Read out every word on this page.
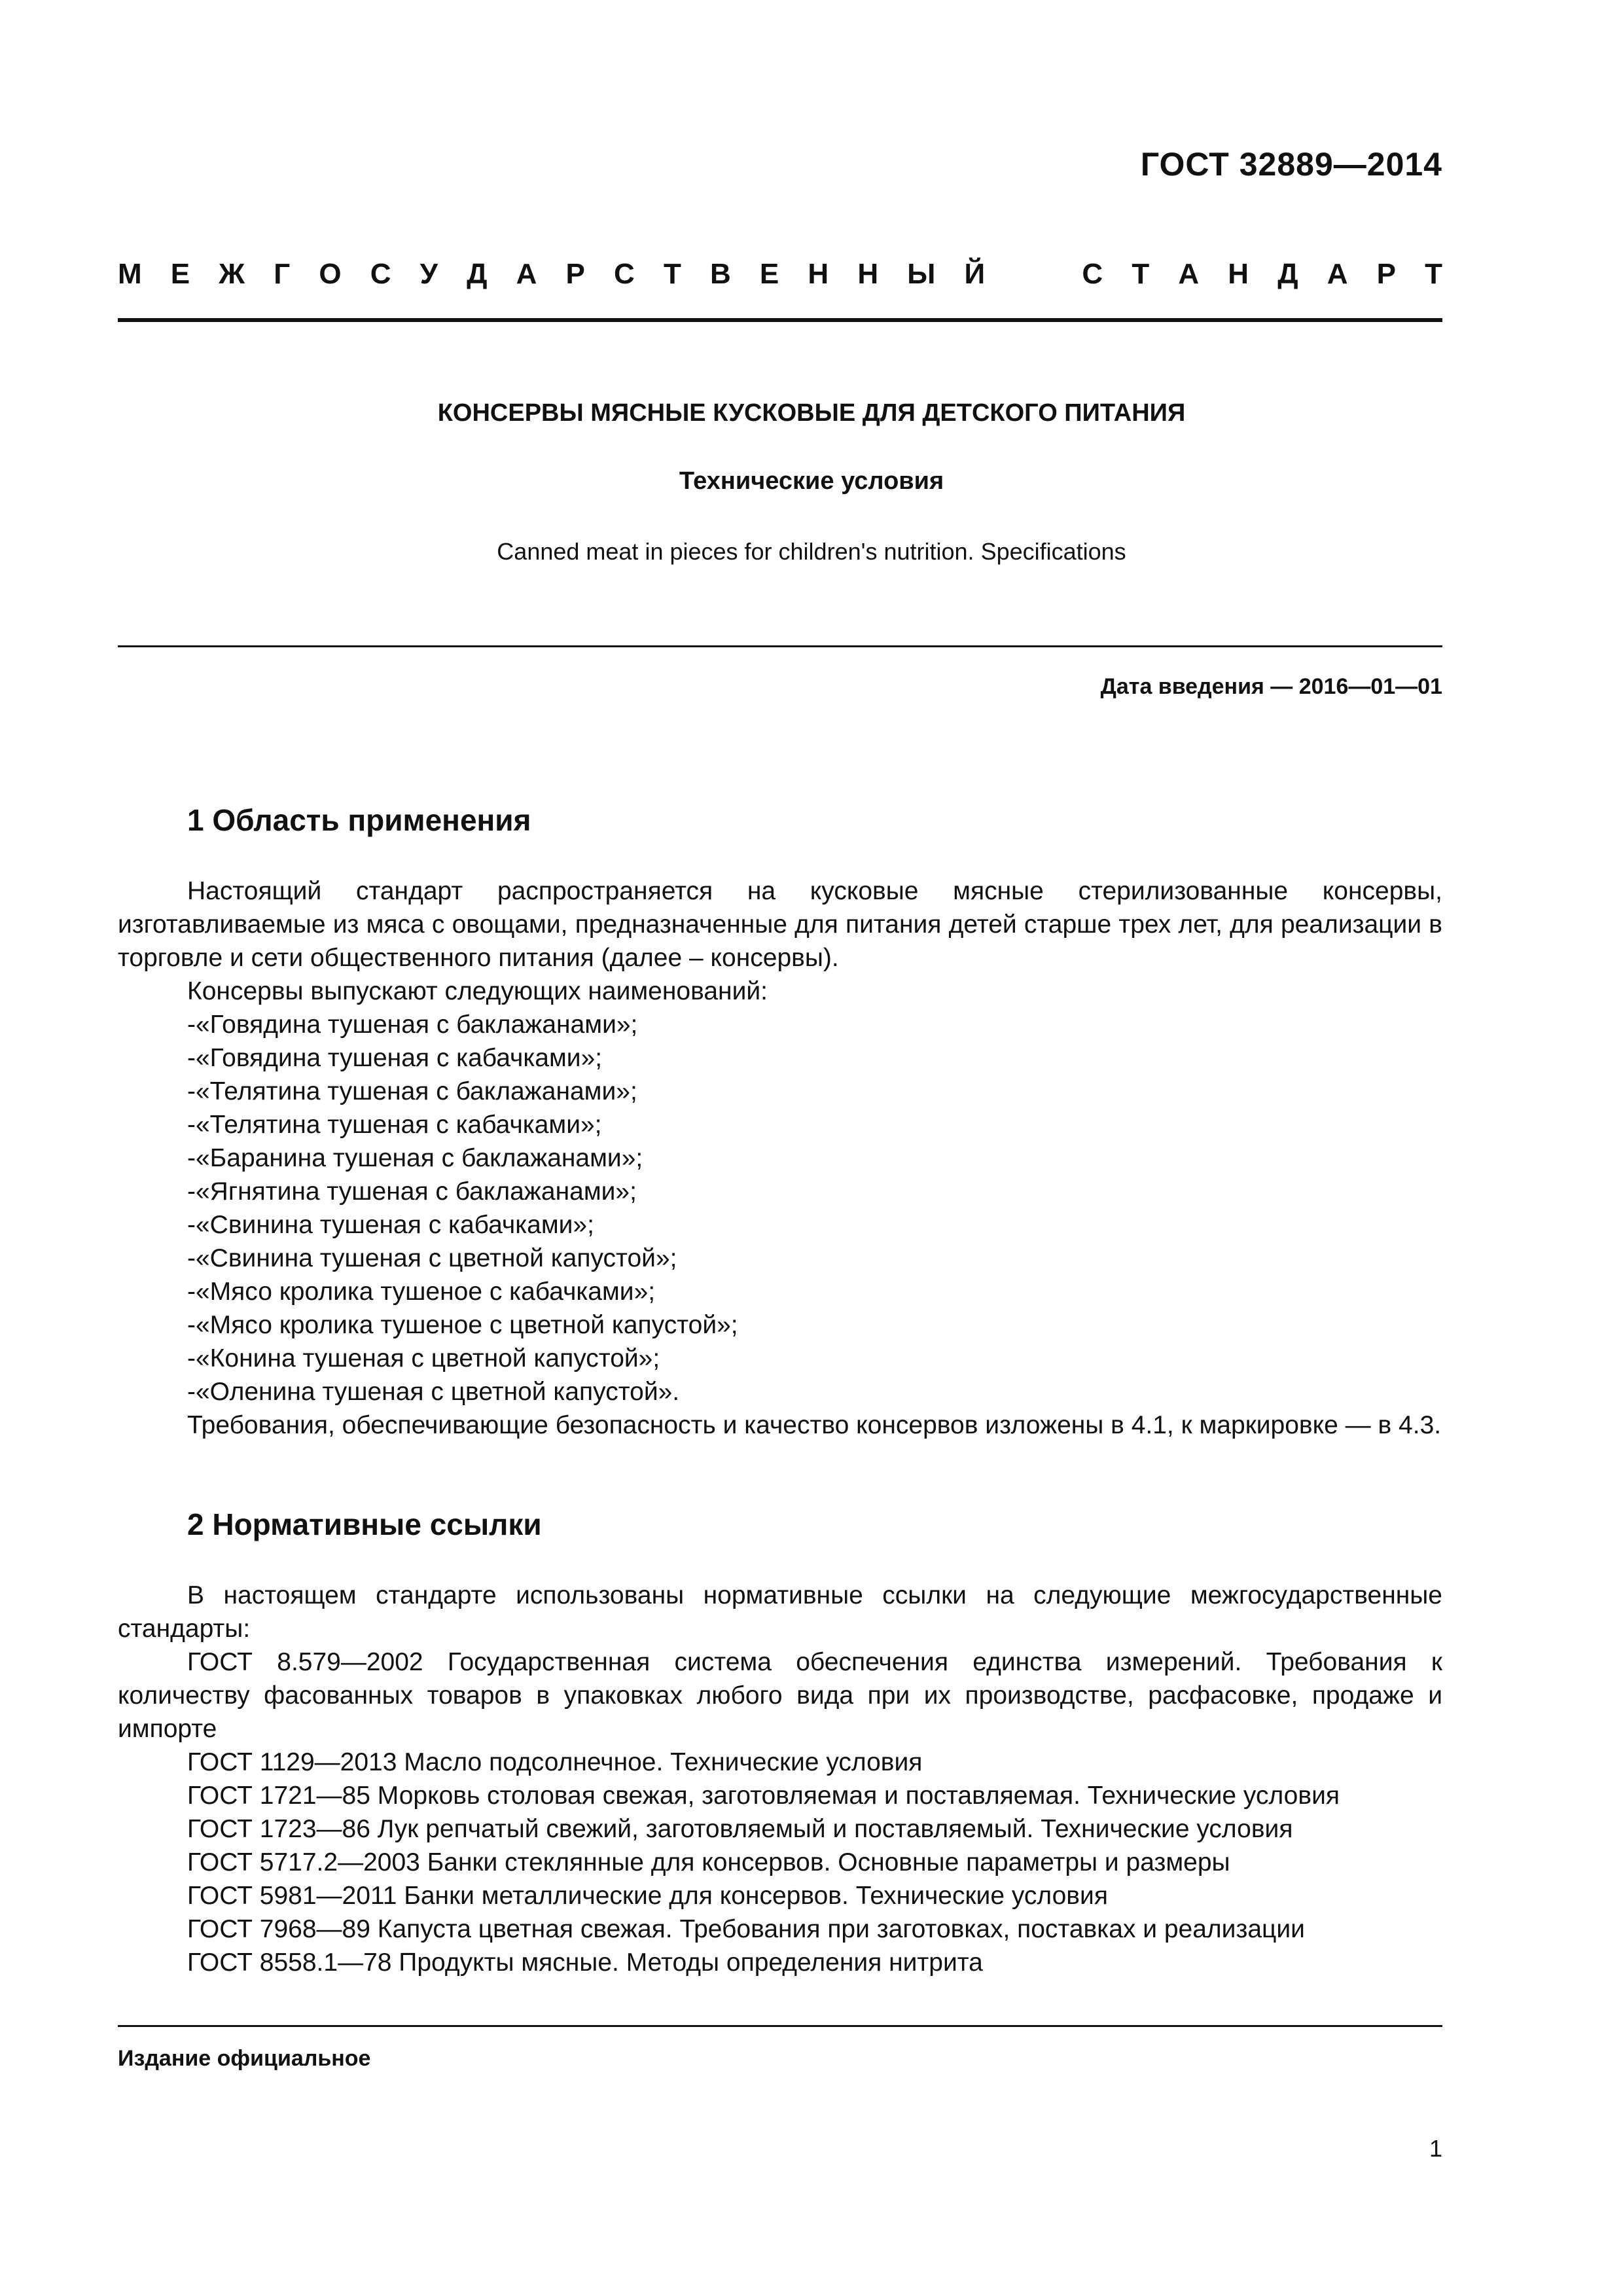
ГОСТ 32889—2014
М Е Ж Г О С У Д А Р С Т В Е Н Н Ы Й	С Т А Н Д А Р Т
КОНСЕРВЫ МЯСНЫЕ КУСКОВЫЕ ДЛЯ ДЕТСКОГО ПИТАНИЯ
Технические условия
Canned meat in pieces for children's nutrition. Specifications
Дата введения — 2016—01—01
1 Область применения

Настоящий стандарт распространяется на кусковые мясные стерилизованные консервы, изготавливаемые из мяса с овощами, предназначенные для питания детей старше трех лет, для реализации в торговле и сети общественного питания (далее – консервы).

Консервы выпускают следующих наименований:

-«Говядина тушеная с баклажанами»;
-«Говядина тушеная с кабачками»;
-«Телятина тушеная с баклажанами»;
-«Телятина тушеная с кабачками»;
-«Баранина тушеная с баклажанами»;
-«Ягнятина тушеная с баклажанами»;
-«Свинина тушеная с кабачками»;
-«Свинина тушеная с цветной капустой»;
-«Мясо кролика тушеное с кабачками»;
-«Мясо кролика тушеное с цветной капустой»;
-«Конина тушеная с цветной капустой»;
-«Оленина тушеная с цветной капустой».

Требования, обеспечивающие безопасность и качество консервов изложены в 4.1, к маркировке — в 4.3.

2 Нормативные ссылки

В настоящем стандарте использованы нормативные ссылки на следующие межгосударственные стандарты:

ГОСТ 8.579—2002 Государственная система обеспечения единства измерений. Требования к количеству фасованных товаров в упаковках любого вида при их производстве, расфасовке, продаже и импорте

ГОСТ 1129—2013 Масло подсолнечное. Технические условия
ГОСТ 1721—85 Морковь столовая свежая, заготовляемая и поставляемая. Технические условия
ГОСТ 1723—86 Лук репчатый свежий, заготовляемый и поставляемый. Технические условия
ГОСТ 5717.2—2003 Банки стеклянные для консервов. Основные параметры и размеры
ГОСТ 5981—2011 Банки металлические для консервов. Технические условия
ГОСТ 7968—89 Капуста цветная свежая. Требования при заготовках, поставках и реализации
ГОСТ 8558.1—78 Продукты мясные. Методы определения нитрита
Издание официальное
1
